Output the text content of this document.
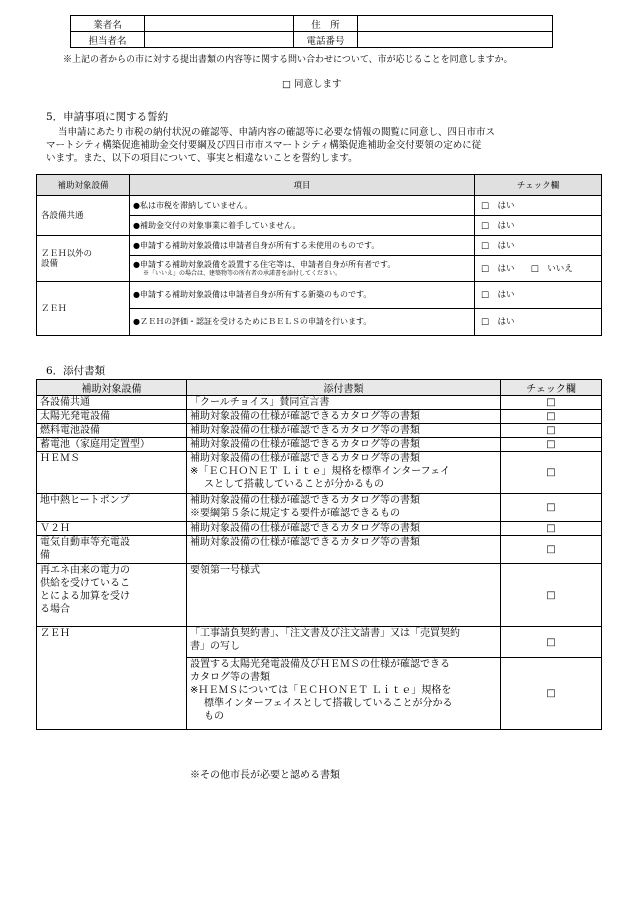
業者名		住　所	
担当者名		電話番号	
※上記の者からの市に対する提出書類の内容等に関する問い合わせについて、市が応じることを同意しますか。
□ 同意します
5．申請事項に関する誓約
当申請にあたり市税の納付状況の確認等、申請内容の確認等に必要な情報の閲覧に同意し、四日市市ス
マートシティ構築促進補助金交付要綱及び四日市市スマートシティ構築促進補助金交付要領の定めに従
います。また、以下の項目について、事実と相違ないことを誓約します。
補助対象設備	項目	チェック欄
各設備共通	●私は市税を滞納していません。	□　はい
	●補助金交付の対象事業に着手していません。	□　はい
ＺＥＨ以外の
設備	●申請する補助対象設備は申請者自身が所有する未使用のものです。	□　はい
	●申請する補助対象設備を設置する住宅等は、申請者自身が所有者です。
※「いいえ」の場合は、建築物等の所有者の承諾書を添付してください。	□　はい □　いいえ
ＺＥＨ	●申請する補助対象設備は申請者自身が所有する新築のものです。	□　はい
	●ＺＥＨの評価・認証を受けるためにＢＥＬＳの申請を行います。	□　はい
6．添付書類
補助対象設備	添付書類	チェック欄
各設備共通	「クールチョイス」賛同宣言書	□
太陽光発電設備	補助対象設備の仕様が確認できるカタログ等の書類	□
燃料電池設備	補助対象設備の仕様が確認できるカタログ等の書類	□
蓄電池（家庭用定置型）	補助対象設備の仕様が確認できるカタログ等の書類	□
ＨＥＭＳ	補助対象設備の仕様が確認できるカタログ等の書類
※「ＥＣＨＯＮＥＴ Ｌｉｔｅ」規格を標準インターフェイ

スとして搭載していることが分かるもの	□
地中熱ヒートポンプ	補助対象設備の仕様が確認できるカタログ等の書類
※要綱第５条に規定する要件が確認できるもの	□
Ｖ２Ｈ	補助対象設備の仕様が確認できるカタログ等の書類	□
電気自動車等充電設
備	補助対象設備の仕様が確認できるカタログ等の書類	□
再エネ由来の電力の
供給を受けているこ
とによる加算を受け
る場合	要領第一号様式	□
ＺＥＨ	「工事請負契約書」、「注文書及び注文請書」又は「売買契約
書」の写し	□
	設置する太陽光発電設備及びＨＥＭＳの仕様が確認できる
カタログ等の書類
※ＨＥＭＳについては「ＥＣＨＯＮＥＴ Ｌｉｔｅ」規格を

標準インターフェイスとして搭載していることが分かる
もの	□
※その他市長が必要と認める書類
